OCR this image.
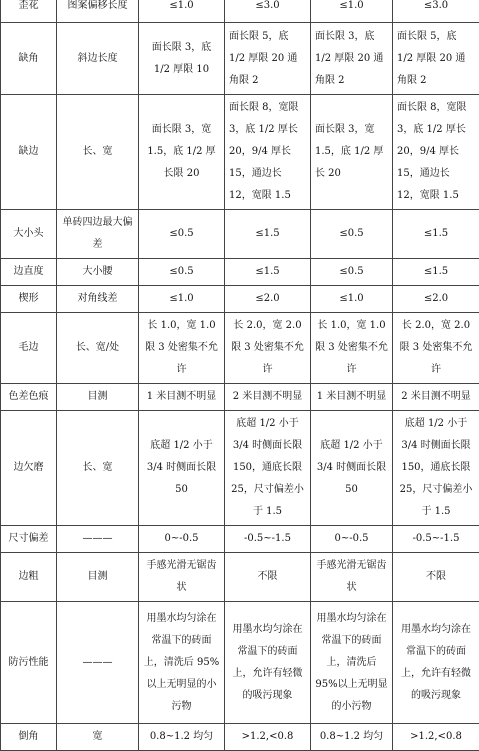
歪花	图案偏移长度	≤1.0	≤3.0	≤1.0	≤3.0
缺角	斜边长度	面长限 3，底 1/2 厚限 10	面长限 5，底 1/2 厚限 20 通角限 2	面长限 3，底 1/2 厚限 20 通角限 2	面长限 5，底 1/2 厚限 20 通角限 2
缺边	长、宽	面长限 3，宽 1.5，底 1/2 厚长限 20	面长限 8，宽限 3，底 1/2 厚长 20，9/4 厚长 15，通边长 12，宽限 1.5	面长限 3，宽 1.5，底 1/2 厚长 20	面长限 8，宽限 3，底 1/2 厚长 20，9/4 厚长 15，通边长 12，宽限 1.5
大小头	单砖四边最大偏差	≤0.5	≤1.5	≤0.5	≤1.5
边直度	大小腰	≤0.5	≤1.5	≤0.5	≤1.5
楔形	对角线差	≤1.0	≤2.0	≤1.0	≤2.0
毛边	长、宽/处	长 1.0，宽 1.0 限 3 处密集不允许	长 2.0，宽 2.0 限 3 处密集不允许	长 1.0，宽 1.0 限 3 处密集不允许	长 2.0，宽 2.0 限 3 处密集不允许
色差色痕	目测	1 米目测不明显	2 米目测不明显	1 米目测不明显	2 米目测不明显
边欠磨	长、宽	底超 1/2 小于 3/4 时侧面长限 50	底超 1/2 小于 3/4 时侧面长限 150，通底长限 25，尺寸偏差小于 1.5	底超 1/2 小于 3/4 时侧面长限 50	底超 1/2 小于 3/4 时侧面长限 150，通底长限 25，尺寸偏差小于 1.5
尺寸偏差	———	0~-0.5	-0.5~-1.5	0~-0.5	-0.5~-1.5
边粗	目测	手感光滑无锯齿状	不限	手感光滑无锯齿状	不限
防污性能	———	用墨水均匀涂在常温下的砖面上，清洗后 95%以上无明显的小污物	用墨水均匀涂在常温下的砖面上，允许有轻微的吸污现象	用墨水均匀涂在常温下的砖面上，清洗后 95%以上无明显的小污物	用墨水均匀涂在常温下的砖面上，允许有轻微的吸污现象
倒角	宽	0.8~1.2 均匀	>1.2,<0.8	0.8~1.2 均匀	>1.2,<0.8
